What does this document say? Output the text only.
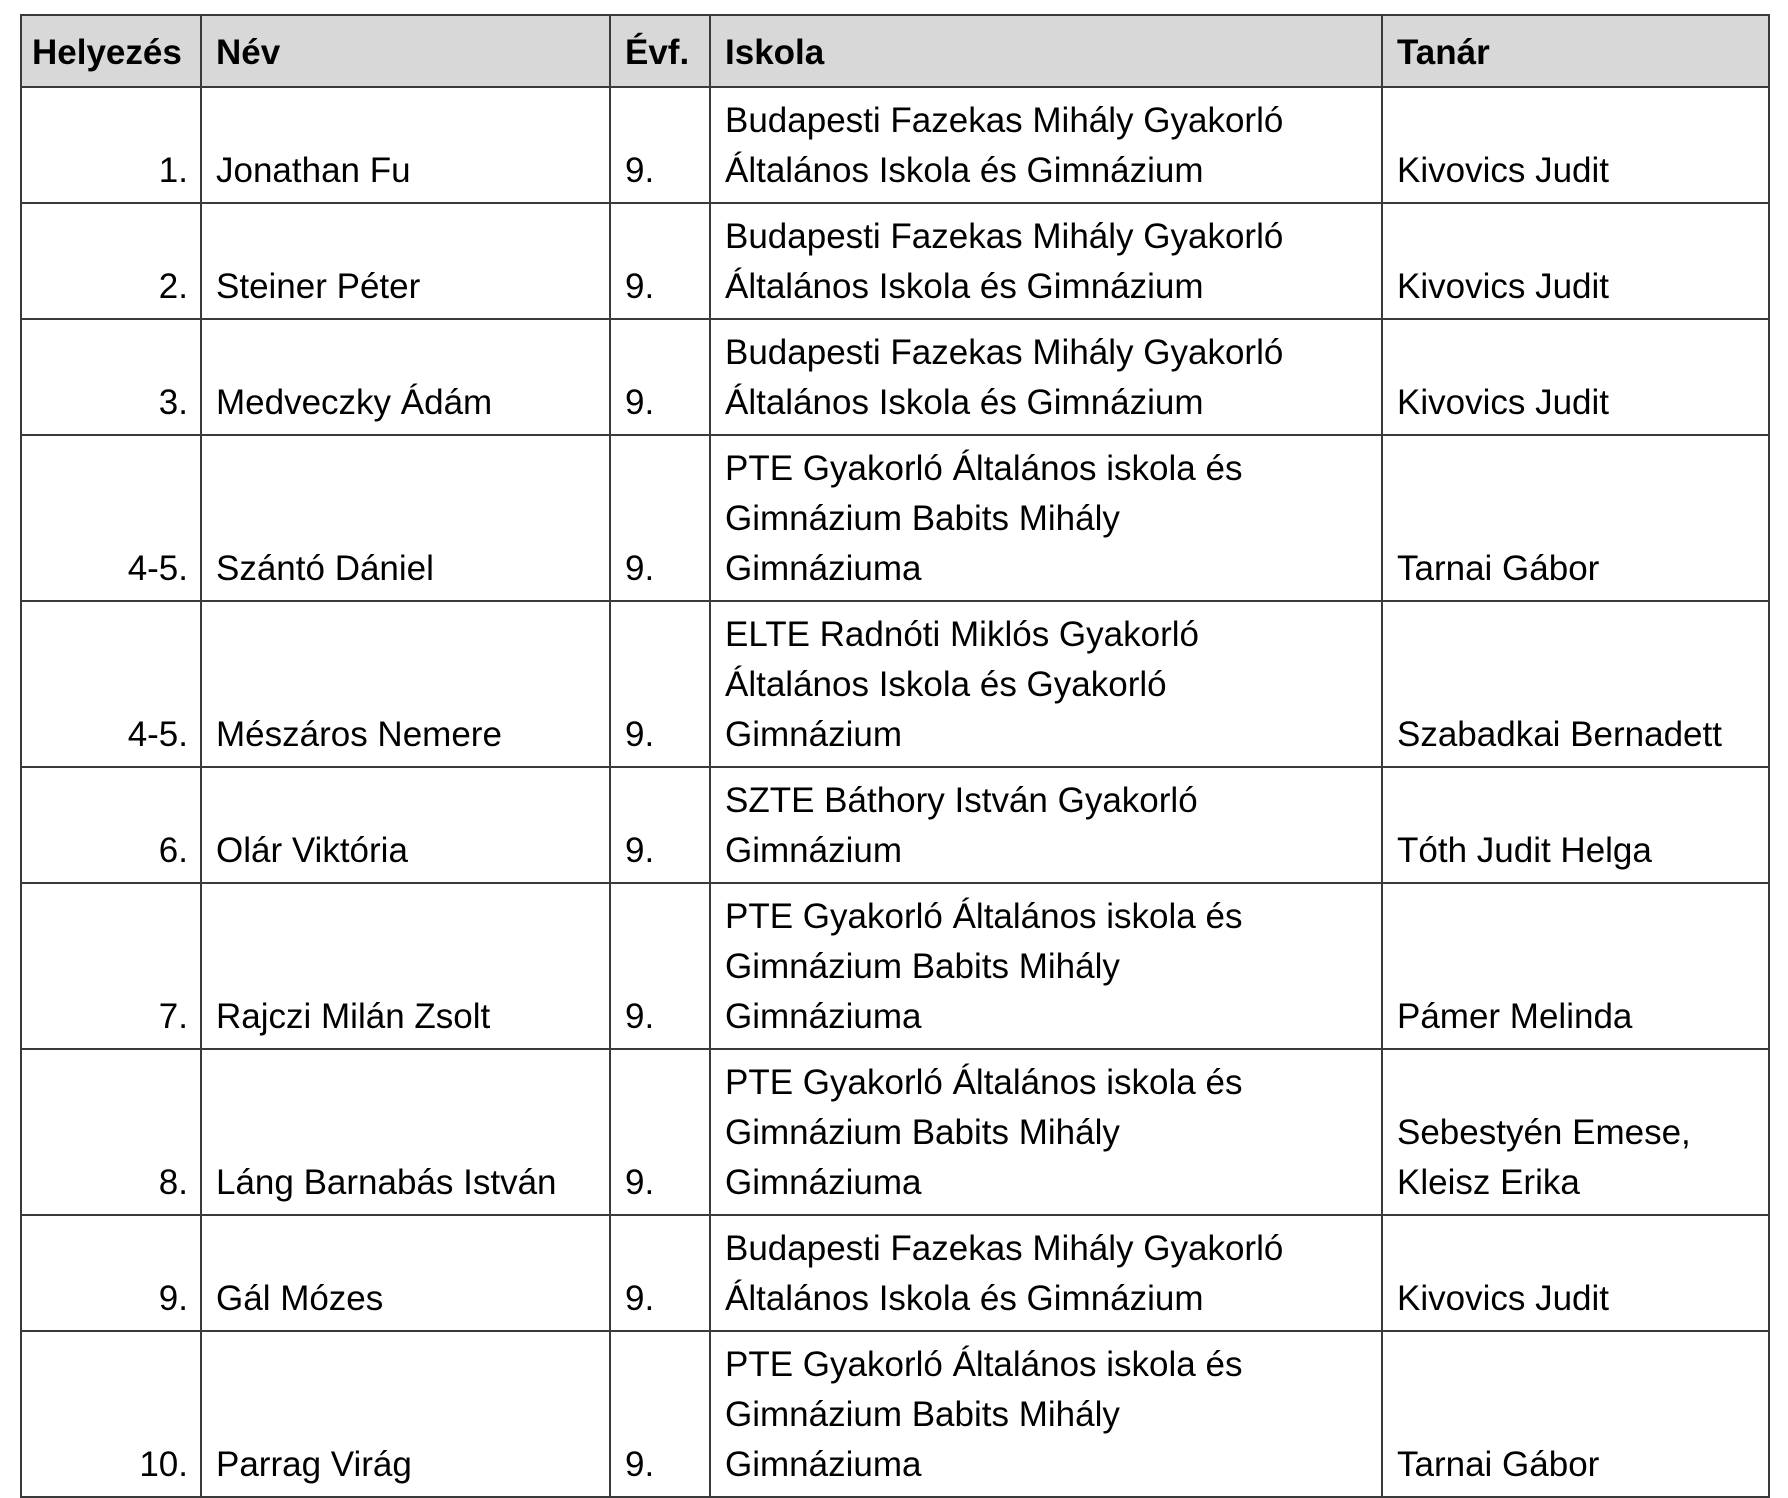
Helyezés	Név	Évf.	Iskola	Tanár
1.	Jonathan Fu	9.	Budapesti Fazekas Mihály Gyakorló
Általános Iskola és Gimnázium	Kivovics Judit

2.	Steiner Péter	9.	Budapesti Fazekas Mihály Gyakorló
Általános Iskola és Gimnázium	Kivovics Judit

3.	Medveczky Ádám	9.	Budapesti Fazekas Mihály Gyakorló
Általános Iskola és Gimnázium	Kivovics Judit

4-5.	Szántó Dániel	9.	PTE Gyakorló Általános iskola és
Gimnázium Babits Mihály
Gimnáziuma	Tarnai Gábor

4-5.	Mészáros Nemere	9.	ELTE Radnóti Miklós Gyakorló
Általános Iskola és Gyakorló
Gimnázium	Szabadkai Bernadett

6.	Olár Viktória	9.	SZTE Báthory István Gyakorló
Gimnázium	Tóth Judit Helga

7.	Rajczi Milán Zsolt	9.	PTE Gyakorló Általános iskola és
Gimnázium Babits Mihály
Gimnáziuma	Pámer Melinda

8.	Láng Barnabás István	9.	PTE Gyakorló Általános iskola és
Gimnázium Babits Mihály
Gimnáziuma	Sebestyén Emese,
Kleisz Erika

9.	Gál Mózes	9.	Budapesti Fazekas Mihály Gyakorló
Általános Iskola és Gimnázium	Kivovics Judit

10.	Parrag Virág	9.	PTE Gyakorló Általános iskola és
Gimnázium Babits Mihály
Gimnáziuma	Tarnai Gábor
